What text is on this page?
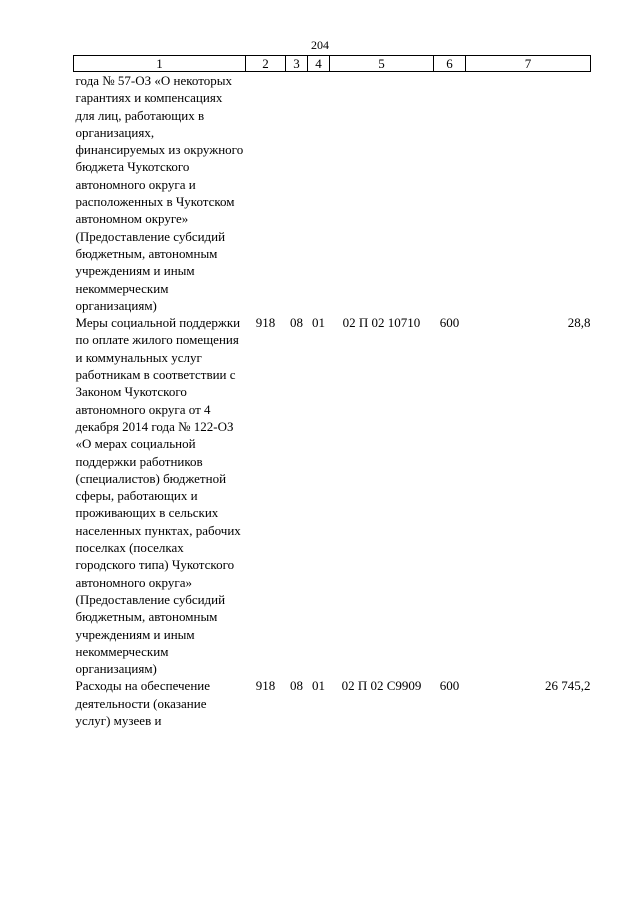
204
1	2	3	4	5	6	7
года № 57-ОЗ «О некоторых гарантиях и компенсациях для лиц, работающих в организациях, финансируемых из окружного бюджета Чукотского автономного округа и расположенных в Чукотском автономном округе» (Предоставление субсидий бюджетным, автономным учреждениям и иным некоммерческим организациям)						
Меры социальной поддержки по оплате жилого помещения и коммунальных услуг работникам в соответствии с Законом Чукотского автономного округа от 4 декабря 2014 года № 122-ОЗ «О мерах социальной поддержки работников (специалистов) бюджетной сферы, работающих и проживающих в сельских населенных пунктах, рабочих поселках (поселках городского типа) Чукотского автономного округа» (Предоставление субсидий бюджетным, автономным учреждениям и иным некоммерческим организациям)	918	08	01	02 П 02 10710	600	28,8
Расходы на обеспечение деятельности (оказание услуг) музеев и	918	08	01	02 П 02 С9909	600	26 745,2
